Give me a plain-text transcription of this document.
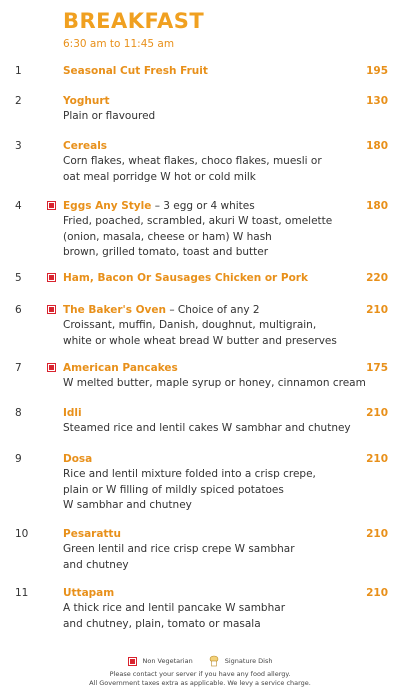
BREAKFAST
6:30 am to 11:45 am
1	Seasonal Cut Fresh Fruit	195
2	Yoghurt	130
Plain or flavoured
3	Cereals	180
Corn flakes, wheat flakes, choco flakes, muesli or
oat meal porridge W hot or cold milk
4	Eggs Any Style – 3 egg or 4 whites	180
Fried, poached, scrambled, akuri W toast, omelette
(onion, masala, cheese or ham) W hash
brown, grilled tomato, toast and butter
5	Ham, Bacon Or Sausages Chicken or Pork	220
6	The Baker's Oven – Choice of any 2	210
Croissant, muffin, Danish, doughnut, multigrain,
white or whole wheat bread W butter and preserves
7	American Pancakes	175
W melted butter, maple syrup or honey, cinnamon cream
8	Idli	210
Steamed rice and lentil cakes W sambhar and chutney
9	Dosa	210
Rice and lentil mixture folded into a crisp crepe,
plain or W filling of mildly spiced potatoes
W sambhar and chutney
10	Pesarattu	210
Green lentil and rice crisp crepe W sambhar
and chutney
11	Uttapam	210
A thick rice and lentil pancake W sambhar
and chutney, plain, tomato or masala
Non Vegetarian	Signature Dish
Please contact your server if you have any food allergy.
All Government taxes extra as applicable. We levy a service charge.
